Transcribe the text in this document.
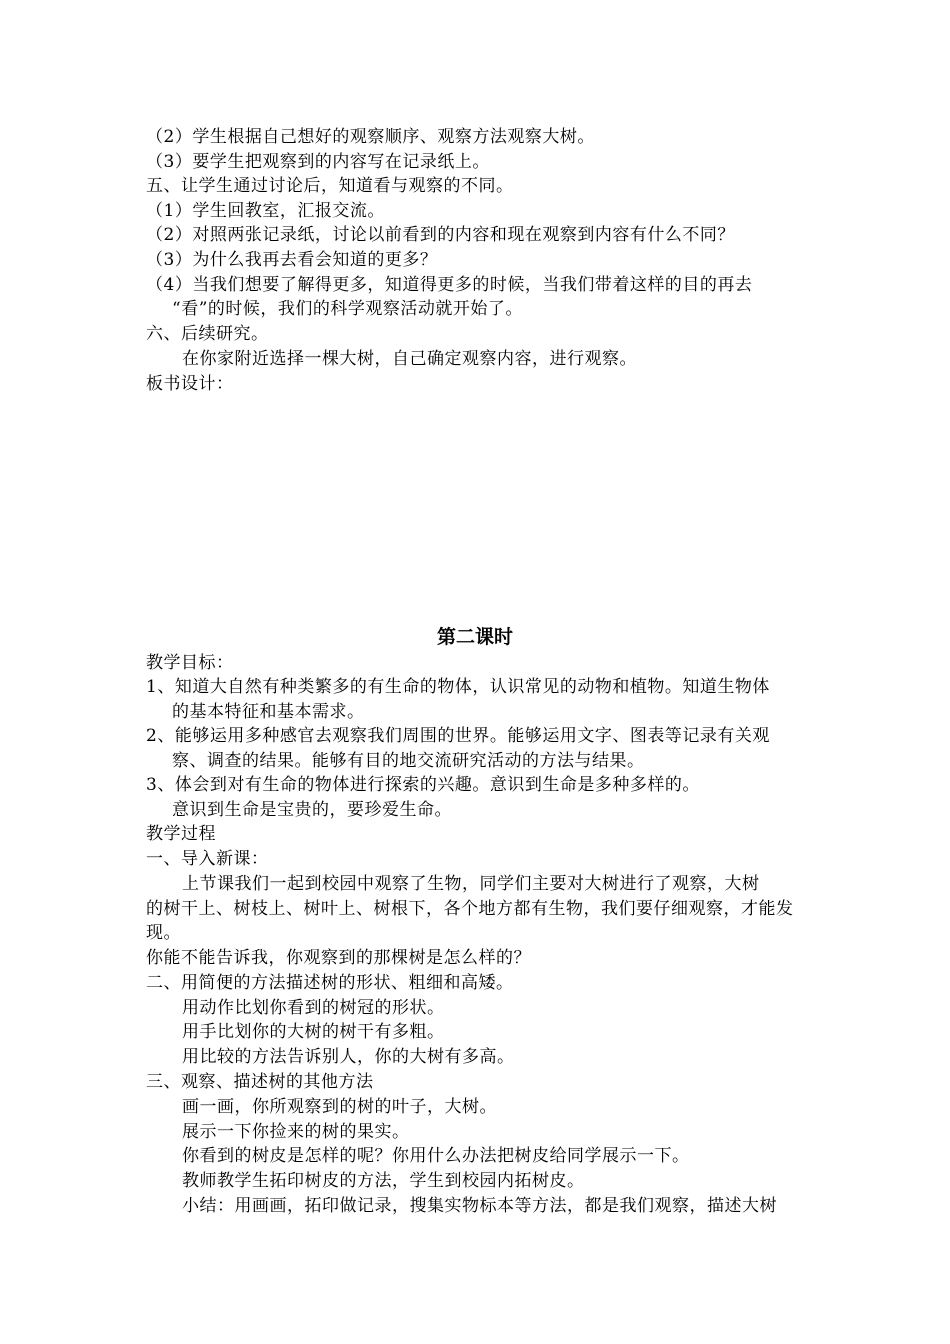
（2）学生根据自己想好的观察顺序、观察方法观察大树。
（3）要学生把观察到的内容写在记录纸上。
五、让学生通过讨论后，知道看与观察的不同。
（1）学生回教室，汇报交流。
（2）对照两张记录纸，讨论以前看到的内容和现在观察到内容有什么不同？
（3）为什么我再去看会知道的更多？
（4）当我们想要了解得更多，知道得更多的时候，当我们带着这样的目的再去
“看”的时候，我们的科学观察活动就开始了。
六、后续研究。
在你家附近选择一棵大树，自己确定观察内容，进行观察。
板书设计：
第二课时
教学目标：
1、知道大自然有种类繁多的有生命的物体，认识常见的动物和植物。知道生物体
的基本特征和基本需求。
2、能够运用多种感官去观察我们周围的世界。能够运用文字、图表等记录有关观
察、调查的结果。能够有目的地交流研究活动的方法与结果。
3、体会到对有生命的物体进行探索的兴趣。意识到生命是多种多样的。
意识到生命是宝贵的，要珍爱生命。
教学过程
一、导入新课：
上节课我们一起到校园中观察了生物，同学们主要对大树进行了观察，大树
的树干上、树枝上、树叶上、树根下，各个地方都有生物，我们要仔细观察，才能发
现。
你能不能告诉我，你观察到的那棵树是怎么样的？
二、用简便的方法描述树的形状、粗细和高矮。
用动作比划你看到的树冠的形状。
用手比划你的大树的树干有多粗。
用比较的方法告诉别人，你的大树有多高。
三、观察、描述树的其他方法
画一画，你所观察到的树的叶子，大树。
展示一下你捡来的树的果实。
你看到的树皮是怎样的呢？你用什么办法把树皮给同学展示一下。
教师教学生拓印树皮的方法，学生到校园内拓树皮。
小结：用画画，拓印做记录，搜集实物标本等方法，都是我们观察，描述大树
